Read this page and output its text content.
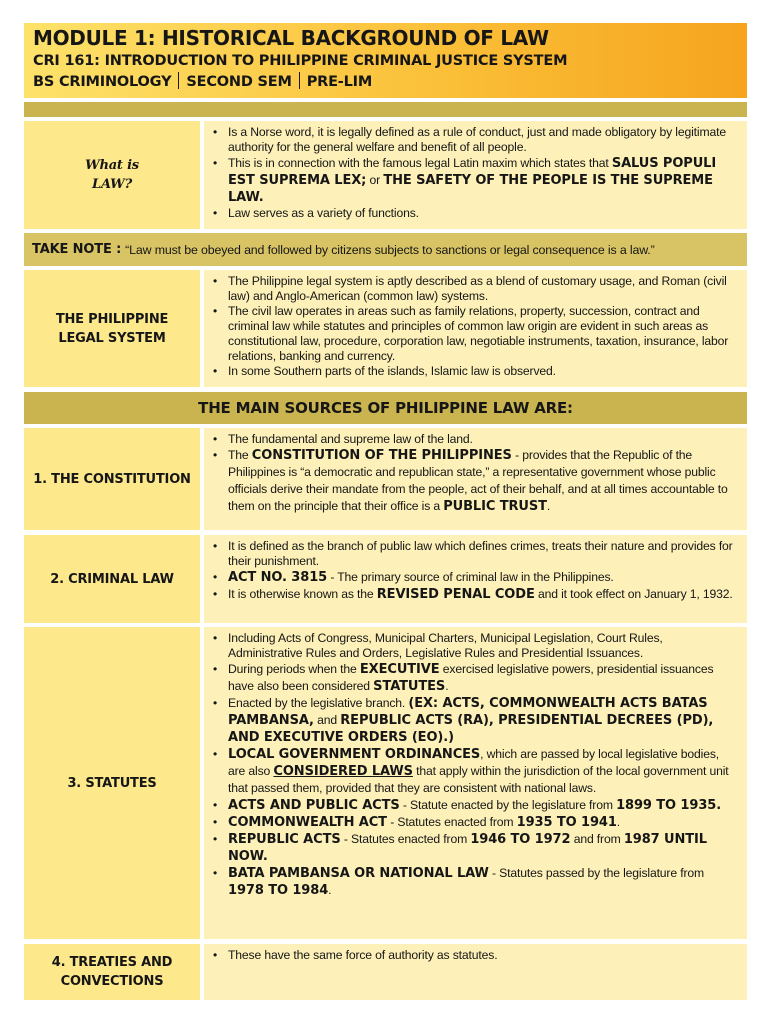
MODULE 1: HISTORICAL BACKGROUND OF LAW
CRI 161: INTRODUCTION TO PHILIPPINE CRIMINAL JUSTICE SYSTEM
BS CRIMINOLOGY SECOND SEM PRE-LIM
What is
LAW?
• Is a Norse word, it is legally defined as a rule of conduct, just and made obligatory by legitimate authority for the general welfare and benefit of all people.
• This is in connection with the famous legal Latin maxim which states that SALUS POPULI EST SUPREMA LEX; or THE SAFETY OF THE PEOPLE IS THE SUPREME LAW.
• Law serves as a variety of functions.
TAKE NOTE : “Law must be obeyed and followed by citizens subjects to sanctions or legal consequence is a law.”
THE PHILIPPINE
LEGAL SYSTEM
• The Philippine legal system is aptly described as a blend of customary usage, and Roman (civil law) and Anglo-American (common law) systems.
• The civil law operates in areas such as family relations, property, succession, contract and criminal law while statutes and principles of common law origin are evident in such areas as constitutional law, procedure, corporation law, negotiable instruments, taxation, insurance, labor relations, banking and currency.
• In some Southern parts of the islands, Islamic law is observed.
THE MAIN SOURCES OF PHILIPPINE LAW ARE:
1. THE CONSTITUTION
• The fundamental and supreme law of the land.
• The CONSTITUTION OF THE PHILIPPINES - provides that the Republic of the Philippines is “a democratic and republican state,” a representative government whose public officials derive their mandate from the people, act of their behalf, and at all times accountable to them on the principle that their office is a PUBLIC TRUST.
2. CRIMINAL LAW
• It is defined as the branch of public law which defines crimes, treats their nature and provides for their punishment.
• ACT NO. 3815 - The primary source of criminal law in the Philippines.
• It is otherwise known as the REVISED PENAL CODE and it took effect on January 1, 1932.
3. STATUTES
• Including Acts of Congress, Municipal Charters, Municipal Legislation, Court Rules, Administrative Rules and Orders, Legislative Rules and Presidential Issuances.
• During periods when the EXECUTIVE exercised legislative powers, presidential issuances have also been considered STATUTES.
• Enacted by the legislative branch. (EX: ACTS, COMMONWEALTH ACTS BATAS PAMBANSA, and REPUBLIC ACTS (RA), PRESIDENTIAL DECREES (PD), AND EXECUTIVE ORDERS (EO).)
• LOCAL GOVERNMENT ORDINANCES, which are passed by local legislative bodies, are also CONSIDERED LAWS that apply within the jurisdiction of the local government unit that passed them, provided that they are consistent with national laws.
• ACTS AND PUBLIC ACTS - Statute enacted by the legislature from 1899 TO 1935.
• COMMONWEALTH ACT - Statutes enacted from 1935 TO 1941.
• REPUBLIC ACTS - Statutes enacted from 1946 TO 1972 and from 1987 UNTIL NOW.
• BATA PAMBANSA OR NATIONAL LAW - Statutes passed by the legislature from 1978 TO 1984.
4. TREATIES AND
CONVECTIONS
• These have the same force of authority as statutes.
